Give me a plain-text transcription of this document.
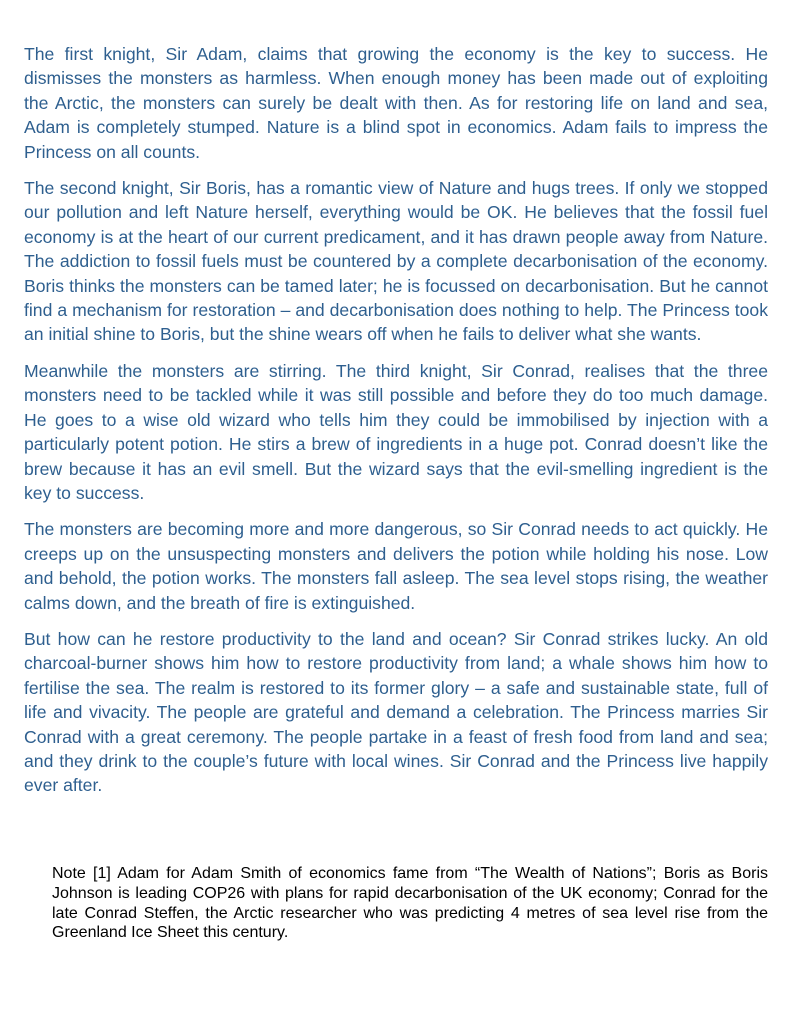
The first knight, Sir Adam, claims that growing the economy is the key to success. He dismisses the monsters as harmless. When enough money has been made out of exploiting the Arctic, the monsters can surely be dealt with then. As for restoring life on land and sea, Adam is completely stumped. Nature is a blind spot in economics. Adam fails to impress the Princess on all counts.

The second knight, Sir Boris, has a romantic view of Nature and hugs trees. If only we stopped our pollution and left Nature herself, everything would be OK. He believes that the fossil fuel economy is at the heart of our current predicament, and it has drawn people away from Nature. The addiction to fossil fuels must be countered by a complete decarbonisation of the economy. Boris thinks the monsters can be tamed later; he is focussed on decarbonisation. But he cannot find a mechanism for restoration – and decarbonisation does nothing to help. The Princess took an initial shine to Boris, but the shine wears off when he fails to deliver what she wants.

Meanwhile the monsters are stirring. The third knight, Sir Conrad, realises that the three monsters need to be tackled while it was still possible and before they do too much damage. He goes to a wise old wizard who tells him they could be immobilised by injection with a particularly potent potion. He stirs a brew of ingredients in a huge pot. Conrad doesn’t like the brew because it has an evil smell. But the wizard says that the evil-smelling ingredient is the key to success.

The monsters are becoming more and more dangerous, so Sir Conrad needs to act quickly. He creeps up on the unsuspecting monsters and delivers the potion while holding his nose. Low and behold, the potion works. The monsters fall asleep. The sea level stops rising, the weather calms down, and the breath of fire is extinguished.

But how can he restore productivity to the land and ocean? Sir Conrad strikes lucky. An old charcoal-burner shows him how to restore productivity from land; a whale shows him how to fertilise the sea. The realm is restored to its former glory – a safe and sustainable state, full of life and vivacity. The people are grateful and demand a celebration. The Princess marries Sir Conrad with a great ceremony. The people partake in a feast of fresh food from land and sea; and they drink to the couple’s future with local wines. Sir Conrad and the Princess live happily ever after.

Note [1] Adam for Adam Smith of economics fame from “The Wealth of Nations”; Boris as Boris Johnson is leading COP26 with plans for rapid decarbonisation of the UK economy; Conrad for the late Conrad Steffen, the Arctic researcher who was predicting 4 metres of sea level rise from the Greenland Ice Sheet this century.
